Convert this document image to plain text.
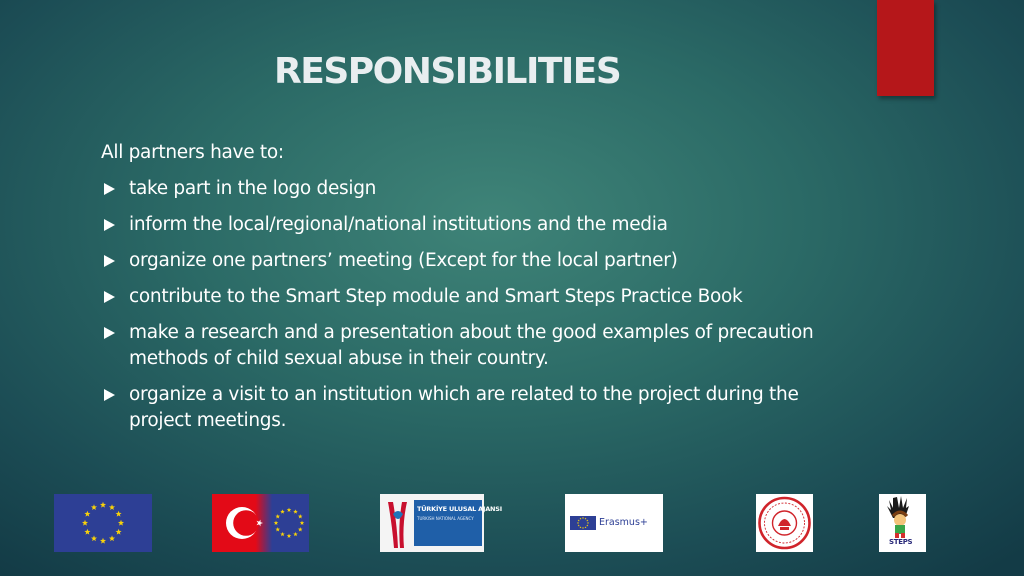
RESPONSIBILITIES

All partners have to:

take part in the logo design
inform the local/regional/national institutions and the media
organize one partners’ meeting (Except for the local partner)
contribute to the Smart Step module and Smart Steps Practice Book
make a research and a presentation about the good examples of precaution methods of child sexual abuse in their country.
organize a visit to an institution which are related to the project during the project meetings.
TÜRKİYE ULUSAL AJANSI
TURKISH NATIONAL AGENCY	Erasmus+
STEPS
